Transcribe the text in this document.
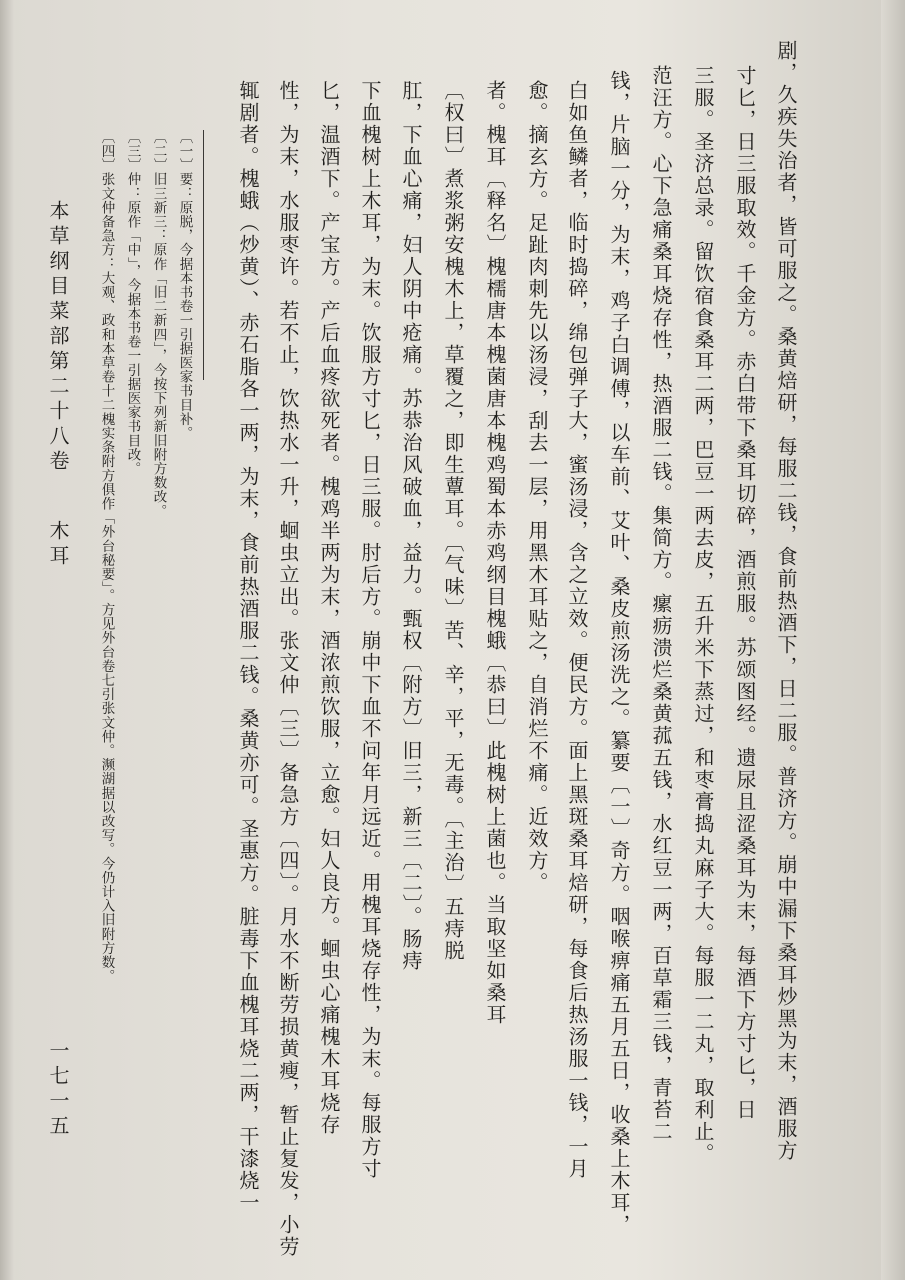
剧，久疾失治者，皆可服之。桑黄焙研，每服二钱，食前热酒下，日二服。普济方。崩中漏下桑耳炒黑为末，酒服方
寸匕，日三服取效。千金方。赤白带下桑耳切碎，酒煎服。苏颂图经。遗尿且涩桑耳为末，每酒下方寸匕，日
三服。圣济总录。留饮宿食桑耳二两，巴豆一两去皮，五升米下蒸过，和枣膏捣丸麻子大。每服一二丸，取利止。
范汪方。心下急痛桑耳烧存性，热酒服二钱。集简方。瘰疬溃烂桑黄菰五钱，水红豆一两，百草霜三钱，青苔二
钱，片脑一分，为末，鸡子白调傅，以车前、艾叶、桑皮煎汤洗之。纂要〔一〕奇方。咽喉痹痛五月五日，收桑上木耳，
白如鱼鳞者，临时捣碎，绵包弹子大，蜜汤浸，含之立效。便民方。面上黑斑桑耳焙研，每食后热汤服一钱，一月
愈。摘玄方。足趾肉刺先以汤浸，刮去一层，用黑木耳贴之，自消烂不痛。近效方。
者。槐耳〔释名〕槐檽唐本槐菌唐本槐鸡蜀本赤鸡纲目槐蛾〔恭曰〕此槐树上菌也。当取坚如桑耳
〔权曰〕煮浆粥安槐木上，草覆之，即生蕈耳。〔气味〕苦、辛，平，无毒。〔主治〕五痔脱
肛，下血心痛，妇人阴中疮痛。苏恭治风破血，益力。甄权〔附方〕旧三，新三〔二〕。肠痔
下血槐树上木耳，为末。饮服方寸匕，日三服。肘后方。崩中下血不问年月远近。用槐耳烧存性，为末。每服方寸
匕，温酒下。产宝方。产后血疼欲死者。槐鸡半两为末，酒浓煎饮服，立愈。妇人良方。蛔虫心痛槐木耳烧存
性，为末，水服枣许。若不止，饮热水一升，蛔虫立出。张文仲〔三〕备急方〔四〕。月水不断劳损黄瘦，暂止复发，小劳
辄剧者。槐蛾（炒黄）、赤石脂各一两，为末，食前热酒服二钱。桑黄亦可。圣惠方。脏毒下血槐耳烧二两，干漆烧一
〔一〕要：原脱，今据本书卷一引据医家书目补。
〔二〕旧三新三：原作「旧二新四」，今按下列新旧附方数改。
〔三〕仲：原作「中」，今据本书卷一引据医家书目改。
〔四〕张文仲备急方：大观、政和本草卷十二槐实条附方俱作「外台秘要」。方见外台卷七引张文仲。濒湖据以改写。今仍计入旧附方数。
本草纲目菜部第二十八卷
木耳
一七一五
